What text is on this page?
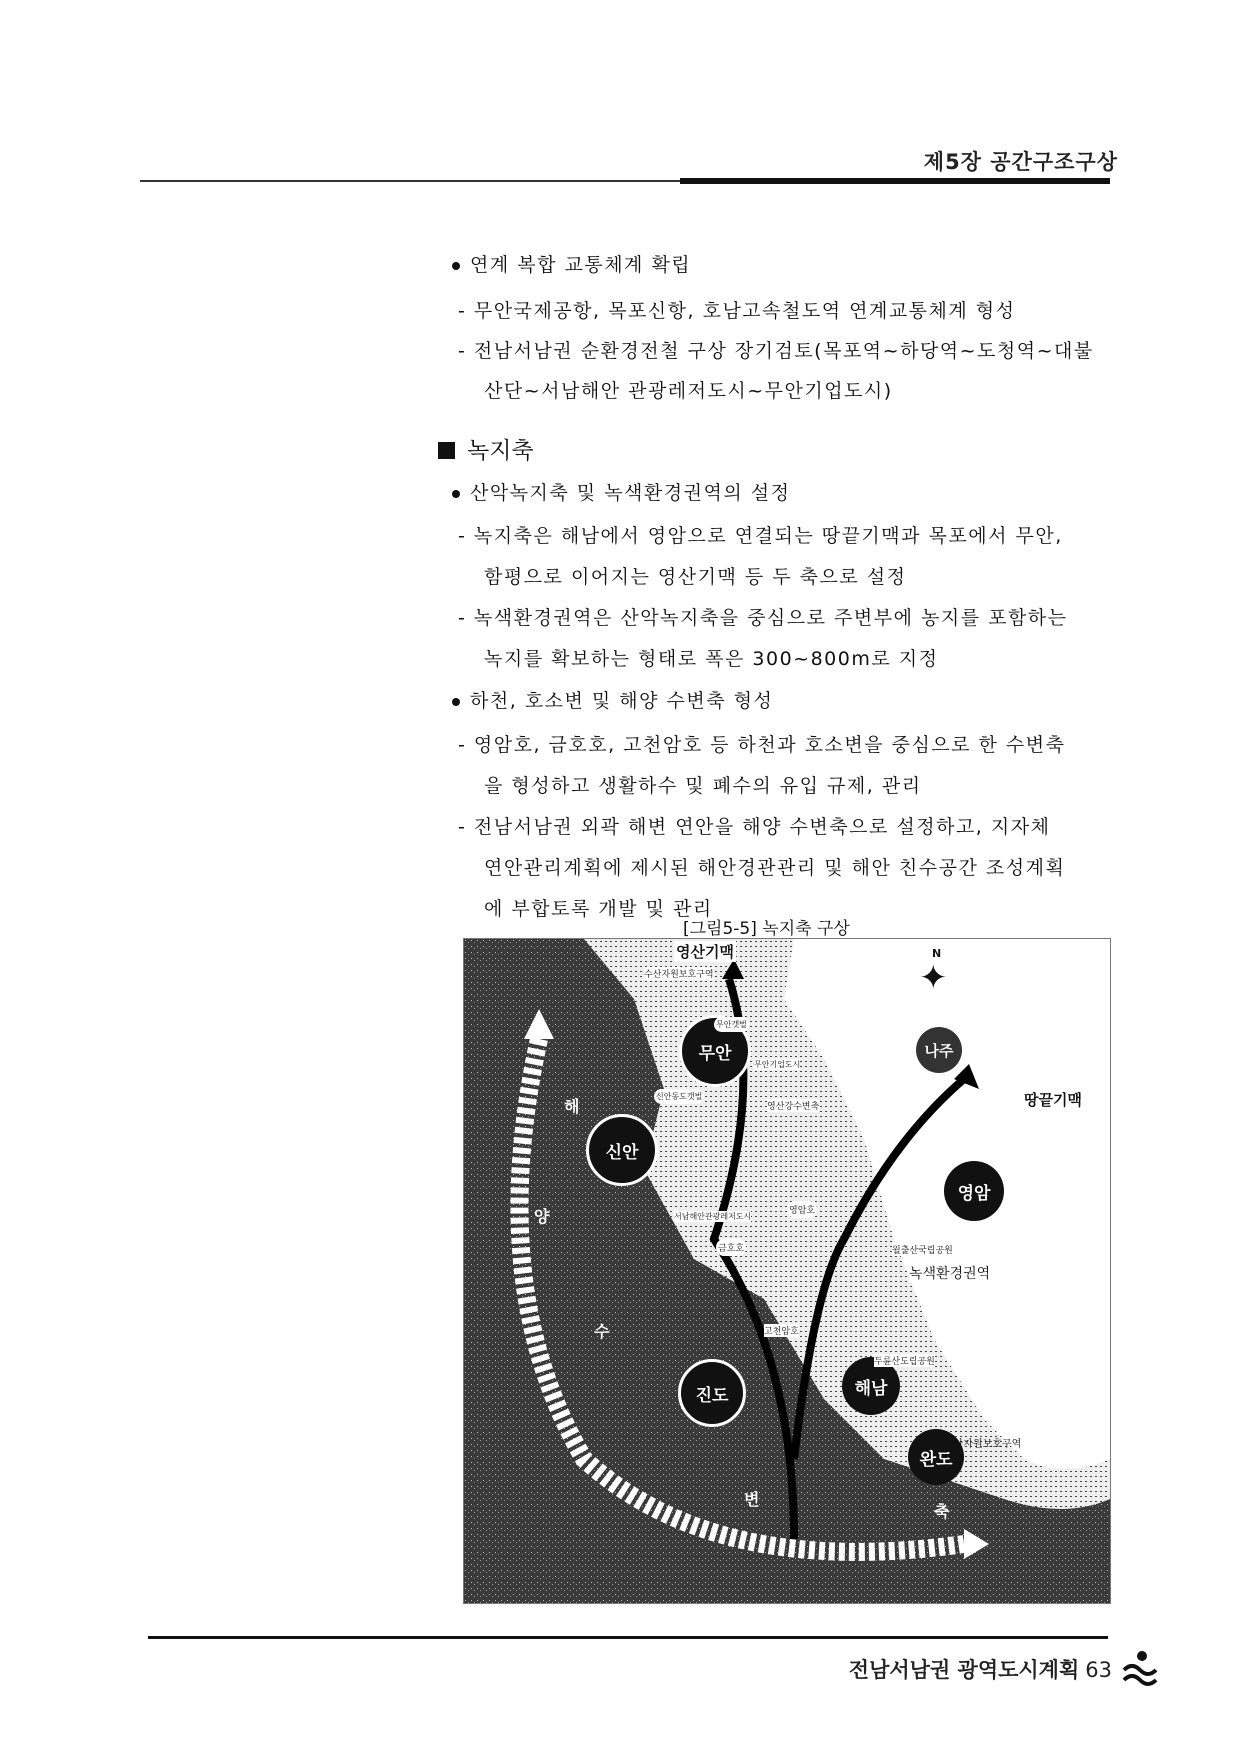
제5장 공간구조구상
연계 복합 교통체계 확립
- 무안국제공항, 목포신항, 호남고속철도역 연계교통체계 형성
- 전남서남권 순환경전철 구상 장기검토(목포역~하당역~도청역~대불
산단~서남해안 관광레저도시~무안기업도시)
녹지축
산악녹지축 및 녹색환경권역의 설정
- 녹지축은 해남에서 영암으로 연결되는 땅끝기맥과 목포에서 무안,
함평으로 이어지는 영산기맥 등 두 축으로 설정
- 녹색환경권역은 산악녹지축을 중심으로 주변부에 농지를 포함하는
녹지를 확보하는 형태로 폭은 300~800m로 지정
하천, 호소변 및 해양 수변축 형성
- 영암호, 금호호, 고천암호 등 하천과 호소변을 중심으로 한 수변축
을 형성하고 생활하수 및 폐수의 유입 규제, 관리
- 전남서남권 외곽 해변 연안을 해양 수변축으로 설정하고, 지자체
연안관리계획에 제시된 해안경관관리 및 해안 친수공간 조성계획
에 부합토록 개발 및 관리
[그림5-5] 녹지축 구상
N
✦
무안
신안
나주
영암
해남
진도
완도
영산기맥
땅끝기맥
수산자원보호구역
수산자원보호구역
녹색환경권역
월출산국립공원
두륜산도립공원
금호호
고천암호
영암호
무안갯벌
영산강수변축
신안동도갯벌
무안기업도시
서남해안관광레저도시
해
양
수
변
축
전남서남권 광역도시계획 63
